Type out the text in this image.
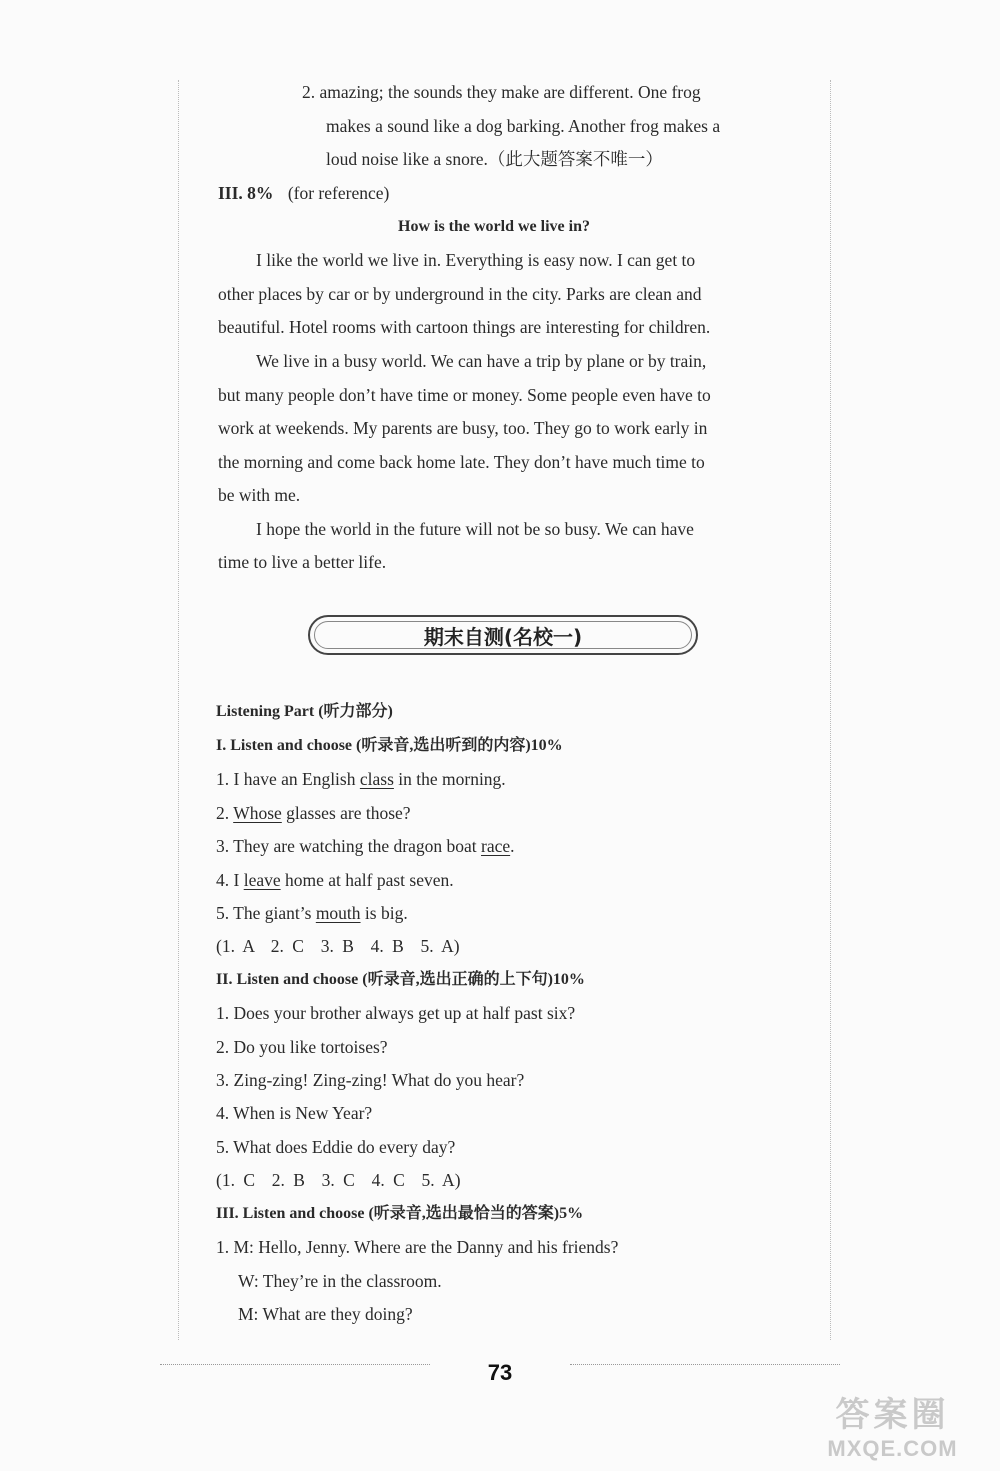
2. amazing; the sounds they make are different. One frog
makes a sound like a dog barking. Another frog makes a
loud noise like a snore.（此大题答案不唯一）
III. 8% (for reference)
How is the world we live in?
I like the world we live in. Everything is easy now. I can get to
other places by car or by underground in the city. Parks are clean and
beautiful. Hotel rooms with cartoon things are interesting for children.
We live in a busy world. We can have a trip by plane or by train,
but many people don’t have time or money. Some people even have to
work at weekends. My parents are busy, too. They go to work early in
the morning and come back home late. They don’t have much time to
be with me.
I hope the world in the future will not be so busy. We can have
time to live a better life.
期末自测(名校一)
Listening Part (听力部分)
I. Listen and choose (听录音,选出听到的内容)10%
1. I have an English class in the morning.
2. Whose glasses are those?
3. They are watching the dragon boat race.
4. I leave home at half past seven.
5. The giant’s mouth is big.
(1. A  2. C  3. B  4. B  5. A)
II. Listen and choose (听录音,选出正确的上下句)10%
1. Does your brother always get up at half past six?
2. Do you like tortoises?
3. Zing-zing! Zing-zing! What do you hear?
4. When is New Year?
5. What does Eddie do every day?
(1. C  2. B  3. C  4. C  5. A)
III. Listen and choose (听录音,选出最恰当的答案)5%
1. M: Hello, Jenny. Where are the Danny and his friends?
W: They’re in the classroom.
M: What are they doing?
73
答案圈
MXQE.COM
